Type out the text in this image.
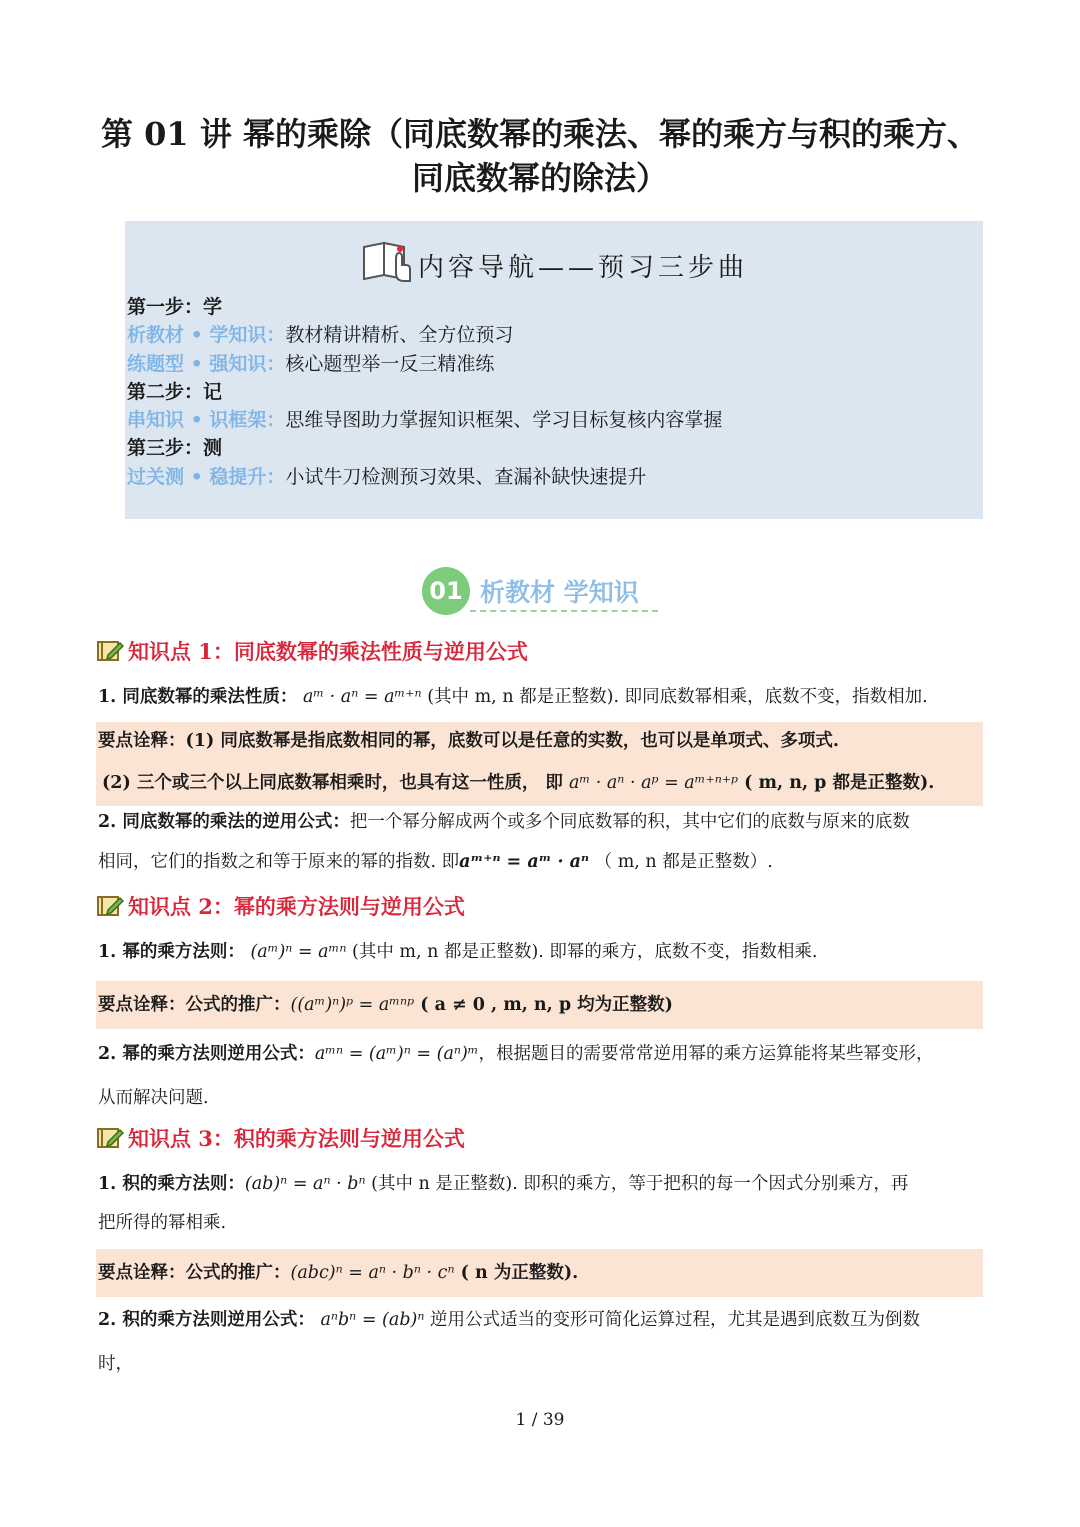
第 01 讲 幂的乘除（同底数幂的乘法、幂的乘方与积的乘方、
同底数幂的除法）
内容导航——预习三步曲
第一步：学
析教材 • 学知识：教材精讲精析、全方位预习
练题型 • 强知识：核心题型举一反三精准练
第二步：记
串知识 • 识框架：思维导图助力掌握知识框架、学习目标复核内容掌握
第三步：测
过关测 • 稳提升：小试牛刀检测预习效果、查漏补缺快速提升
01 析教材 学知识
知识点 1：同底数幂的乘法性质与逆用公式
1. 同底数幂的乘法性质： aᵐ · aⁿ = aᵐ⁺ⁿ (其中 m, n 都是正整数). 即同底数幂相乘，底数不变，指数相加.
要点诠释：(1) 同底数幂是指底数相同的幂，底数可以是任意的实数，也可以是单项式、多项式.
(2) 三个或三个以上同底数幂相乘时，也具有这一性质， 即 aᵐ · aⁿ · aᵖ = aᵐ⁺ⁿ⁺ᵖ ( m, n, p 都是正整数).
2. 同底数幂的乘法的逆用公式：把一个幂分解成两个或多个同底数幂的积，其中它们的底数与原来的底数
相同，它们的指数之和等于原来的幂的指数. 即aᵐ⁺ⁿ = aᵐ · aⁿ （ m, n 都是正整数）.
知识点 2：幂的乘方法则与逆用公式
1. 幂的乘方法则： (aᵐ)ⁿ = aᵐⁿ (其中 m, n 都是正整数). 即幂的乘方，底数不变，指数相乘.
要点诠释：公式的推广：((aᵐ)ⁿ)ᵖ = aᵐⁿᵖ ( a ≠ 0 , m, n, p 均为正整数)
2. 幂的乘方法则逆用公式：aᵐⁿ = (aᵐ)ⁿ = (aⁿ)ᵐ，根据题目的需要常常逆用幂的乘方运算能将某些幂变形，
从而解决问题.
知识点 3：积的乘方法则与逆用公式
1. 积的乘方法则：(ab)ⁿ = aⁿ · bⁿ (其中 n 是正整数). 即积的乘方，等于把积的每一个因式分别乘方，再
把所得的幂相乘.
要点诠释：公式的推广：(abc)ⁿ = aⁿ · bⁿ · cⁿ ( n 为正整数).
2. 积的乘方法则逆用公式： aⁿbⁿ = (ab)ⁿ 逆用公式适当的变形可简化运算过程，尤其是遇到底数互为倒数
时，
1 / 39
